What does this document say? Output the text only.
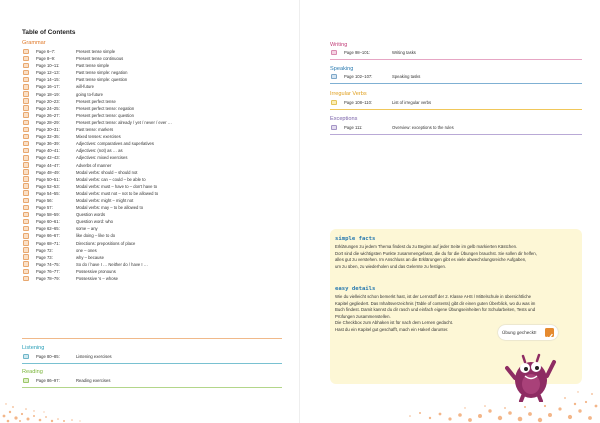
Table of Contents
Grammar
Page 6–7:	Present tense simple
Page 8–9:	Present tense continuous
Page 10–11:	Past tense simple
Page 12–13:	Past tense simple: negation
Page 14–15:	Past tense simple: question
Page 16–17:	will-future
Page 18–19:	going to-future
Page 20–23:	Present perfect tense
Page 24–25:	Present perfect tense: negation
Page 26–27:	Present perfect tense: question
Page 28–29:	Present perfect tense: already / yet / never / ever …
Page 30–31:	Past tense: markers
Page 32–35:	Mixed tenses: exercises
Page 36–39:	Adjectives: comparatives and superlatives
Page 40–41:	Adjectives: (not) as … as
Page 42–43:	Adjectives: mixed exercises
Page 44–47:	Adverbs of manner
Page 48–49:	Modal verbs: should – should not
Page 50–51:	Modal verbs: can – could – be able to
Page 52–53:	Modal verbs: must – have to – don't have to
Page 54–55:	Modal verbs: must not – not to be allowed to
Page 56:	Modal verbs: might – might not
Page 57:	Modal verbs: may – to be allowed to
Page 58–59:	Question words
Page 60–61:	Question word: who
Page 62–65:	some – any
Page 66–67:	like doing – like to do
Page 68–71:	Directions: prepositions of place
Page 72:	one – ones
Page 73:	why – because
Page 74–75:	So do / have I … Neither do / have I …
Page 76–77:	Possessive pronouns
Page 78–79:	Possessive 's – whose
Listening
Page 80–85:	Listening exercises
Reading
Page 86–97:	Reading exercises
Writing
Page 98–101:	Writing tasks
Speaking
Page 102–107:	Speaking tasks
Irregular Verbs
Page 108–110:	List of irregular verbs
Exceptions
Page 111:	Overview: exceptions to the rules
simple facts
Erklärungen zu jedem Thema findest du zu Beginn auf jeder Seite im gelb markierten Kästchen.
Dort sind die wichtigsten Punkte zusammengefasst, die du für die Übungen brauchst. Sie sollen dir helfen,
alles gut zu verstehen. Im Anschluss an die Erklärungen gibt es viele abwechslungsreiche Aufgaben,
um zu üben, zu wiederholen und das Gelernte zu festigen.
easy details
Wie du vielleicht schon bemerkt hast, ist der Lernstoff der 2. Klasse AHS / Mittelschule in übersichtliche
Kapitel gegliedert. Das Inhaltsverzeichnis (Table of contents) gibt dir einen guten Überblick, wo du was im
Buch findest. Damit kannst du dir rasch und einfach eigene Übungseinheiten für Schularbeiten, Tests und
Prüfungen zusammenstellen.
Die Checkbox zum Abhaken ist für nach dem Lernen gedacht.
Hast du ein Kapitel gut geschafft, mach ein Hakerl darunter.
Übung gecheckt!
